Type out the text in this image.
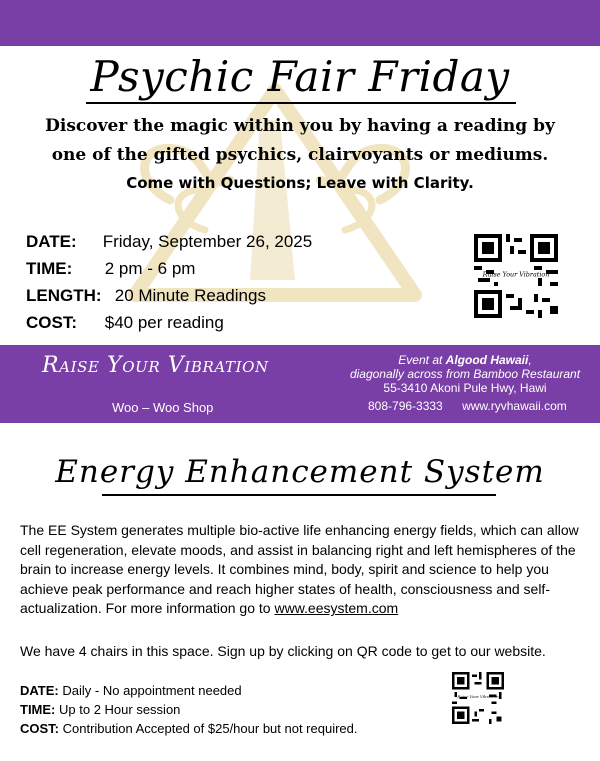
Psychic Fair Friday
Discover the magic within you by having a reading by
one of the gifted psychics, clairvoyants or mediums.
Come with Questions; Leave with Clarity.
DATE: Friday, September 26, 2025
TIME: 2 pm - 6 pm
LENGTH: 20 Minute Readings
COST: $40 per reading
Raise Your Vibration
Raise Your Vibration
Woo – Woo Shop
Event at Algood Hawaii,
diagonally across from Bamboo Restaurant
55-3410 Akoni Pule Hwy, Hawi
808-796-3333 www.ryvhawaii.com
Energy Enhancement System
The EE System generates multiple bio-active life enhancing energy fields, which can allow cell regeneration, elevate moods, and assist in balancing right and left hemispheres of the brain to increase energy levels. It combines mind, body, spirit and science to help you achieve peak performance and reach higher states of health, consciousness and self-actualization. For more information go to www.eesystem.com
We have 4 chairs in this space. Sign up by clicking on QR code to get to our website.
DATE: Daily - No appointment needed
TIME: Up to 2 Hour session
COST: Contribution Accepted of $25/hour but not required.
Raise Your Vibration
